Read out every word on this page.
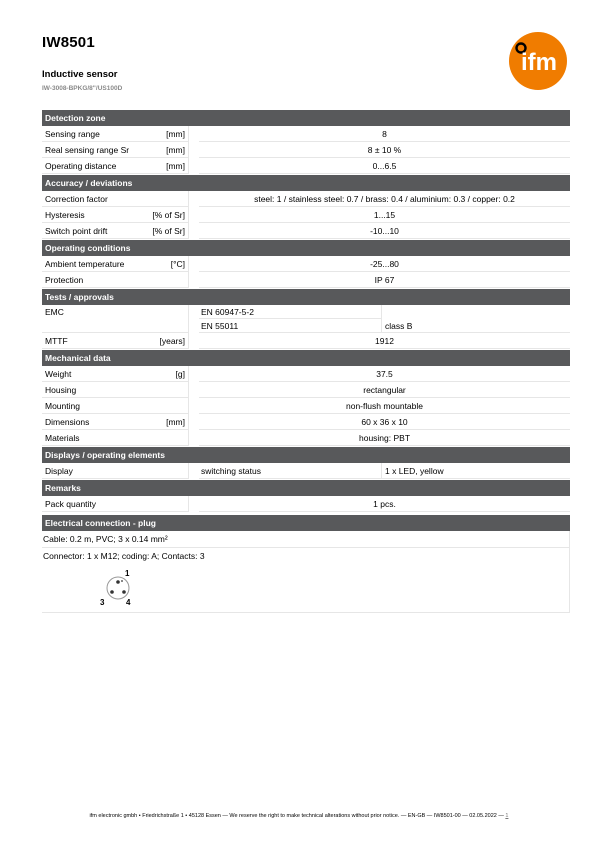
IW8501
Inductive sensor
IW-3008-BPKG/8"/US100D
ifm
Detection zone
Sensing range	[mm]	8
Real sensing range Sr	[mm]	8 ± 10 %
Operating distance	[mm]	0...6.5
Accuracy / deviations
Correction factor	steel: 1 / stainless steel: 0.7 / brass: 0.4 / aluminium: 0.3 / copper: 0.2
Hysteresis	[% of Sr]	1...15
Switch point drift	[% of Sr]	-10...10
Operating conditions
Ambient temperature	[°C]	-25...80
Protection	IP 67
Tests / approvals
EMC	EN 60947-5-2
EN 55011	class B
MTTF	[years]	1912
Mechanical data
Weight	[g]	37.5
Housing	rectangular
Mounting	non-flush mountable
Dimensions	[mm]	60 x 36 x 10
Materials	housing: PBT
Displays / operating elements
Display	switching status	1 x LED, yellow
Remarks
Pack quantity	1 pcs.
Electrical connection - plug
Cable: 0.2 m, PVC; 3 x 0.14 mm²
Connector: 1 x M12; coding: A; Contacts: 3
1
3	4
ifm electronic gmbh • Friedrichstraße 1 • 45128 Essen — We reserve the right to make technical alterations without prior notice. — EN-GB — IW8501-00 — 02.05.2022 — 1
